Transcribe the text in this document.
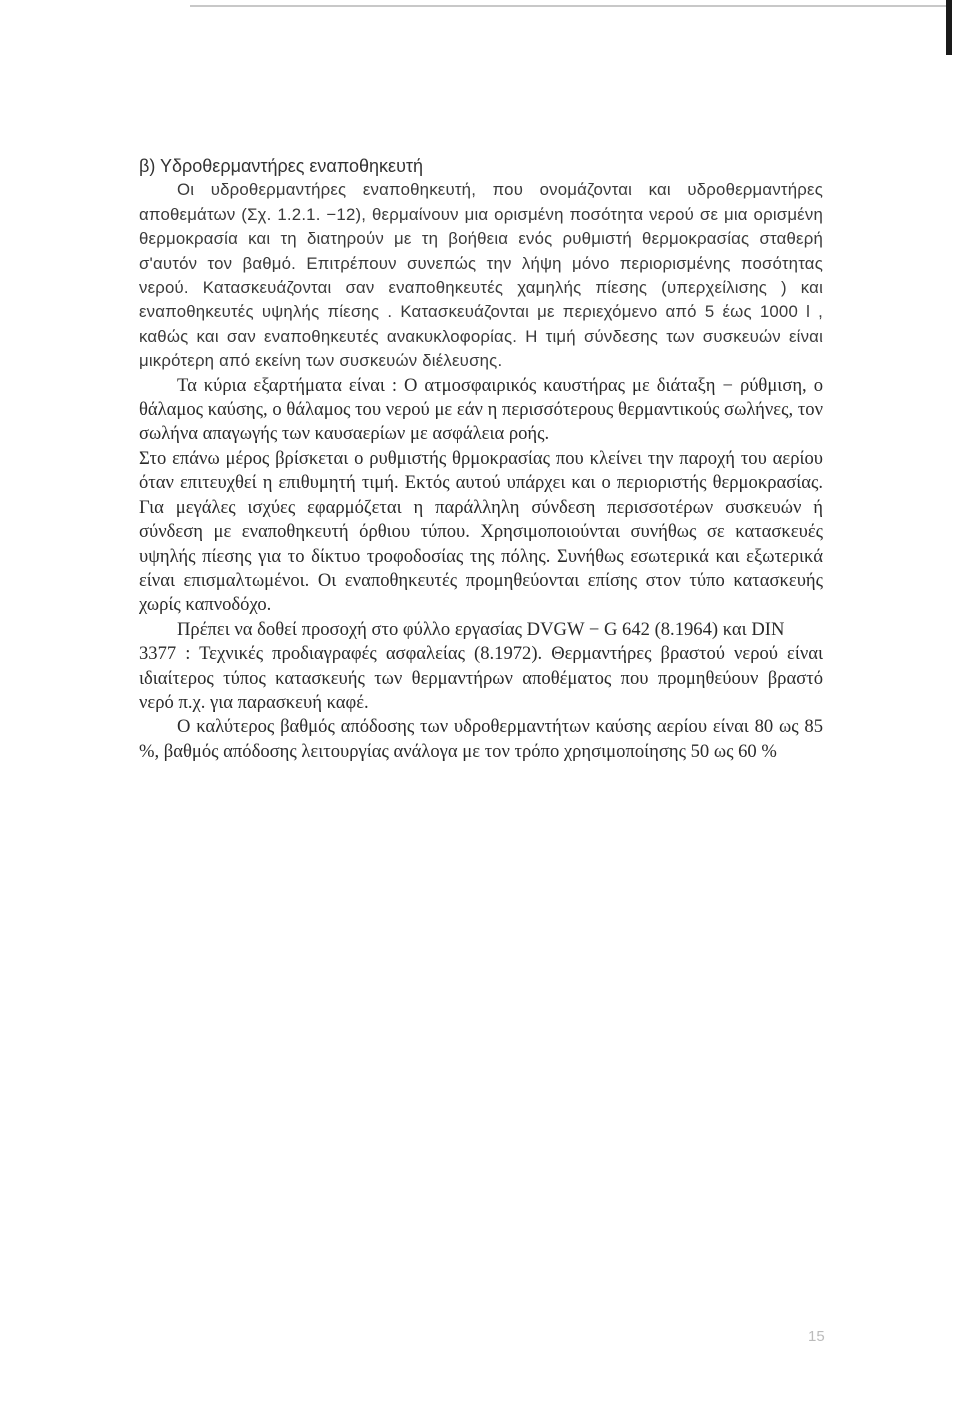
β) Υδροθερμαντήρες εναποθηκευτή

Οι υδροθερμαντήρες εναποθηκευτή, που ονομάζονται και υδροθερμαντήρες αποθεμάτων (Σχ. 1.2.1. −12), θερμαίνουν μια ορισμένη ποσότητα νερού σε μια ορισμένη θερμοκρασία και τη διατηρούν με τη βοήθεια ενός ρυθμιστή θερμοκρασίας σταθερή σ'αυτόν τον βαθμό. Επιτρέπουν συνεπώς την λήψη μόνο περιορισμένης ποσότητας νερού. Κατασκευάζονται σαν εναποθηκευτές χαμηλής πίεσης (υπερχείλισης ) και εναποθηκευτές υψηλής πίεσης . Κατασκευάζονται με περιεχόμενο από 5 έως 1000 l , καθώς και σαν εναποθηκευτές ανακυκλοφορίας. Η τιμή σύνδεσης των συσκευών είναι μικρότερη από εκείνη των συσκευών διέλευσης.

Τα κύρια εξαρτήματα είναι : Ο ατμοσφαιρικός καυστήρας με διάταξη − ρύθμιση, ο θάλαμος καύσης, ο θάλαμος του νερού με εάν η περισσότερους θερμαντικούς σωλήνες, τον σωλήνα απαγωγής των καυσαερίων με ασφάλεια ροής.

Στο επάνω μέρος βρίσκεται ο ρυθμιστής θρμοκρασίας που κλείνει την παροχή του αερίου όταν επιτευχθεί η επιθυμητή τιμή. Εκτός αυτού υπάρχει και ο περιοριστής θερμοκρασίας. Για μεγάλες ισχύες εφαρμόζεται η παράλληλη σύνδεση περισσοτέρων συσκευών ή σύνδεση με εναποθηκευτή όρθιου τύπου. Χρησιμοποιούνται συνήθως σε κατασκευές υψηλής πίεσης για το δίκτυο τροφοδοσίας της πόλης. Συνήθως εσωτερικά και εξωτερικά είναι επισμαλτωμένοι. Οι εναποθηκευτές προμηθεύονται επίσης στον τύπο κατασκευής χωρίς καπνοδόχο.

Πρέπει να δοθεί προσοχή στο φύλλο εργασίας DVGW − G 642 (8.1964) και DIN

3377 : Τεχνικές προδιαγραφές ασφαλείας (8.1972). Θερμαντήρες βραστού νερού είναι ιδιαίτερος τύπος κατασκευής των θερμαντήρων αποθέματος που προμηθεύουν βραστό νερό π.χ. για παρασκευή καφέ.

Ο καλύτερος βαθμός απόδοσης των υδροθερμαντήτων καύσης αερίου είναι 80 ως 85 %, βαθμός απόδοσης λειτουργίας ανάλογα με τον τρόπο χρησιμοποίησης 50 ως 60 %

15
